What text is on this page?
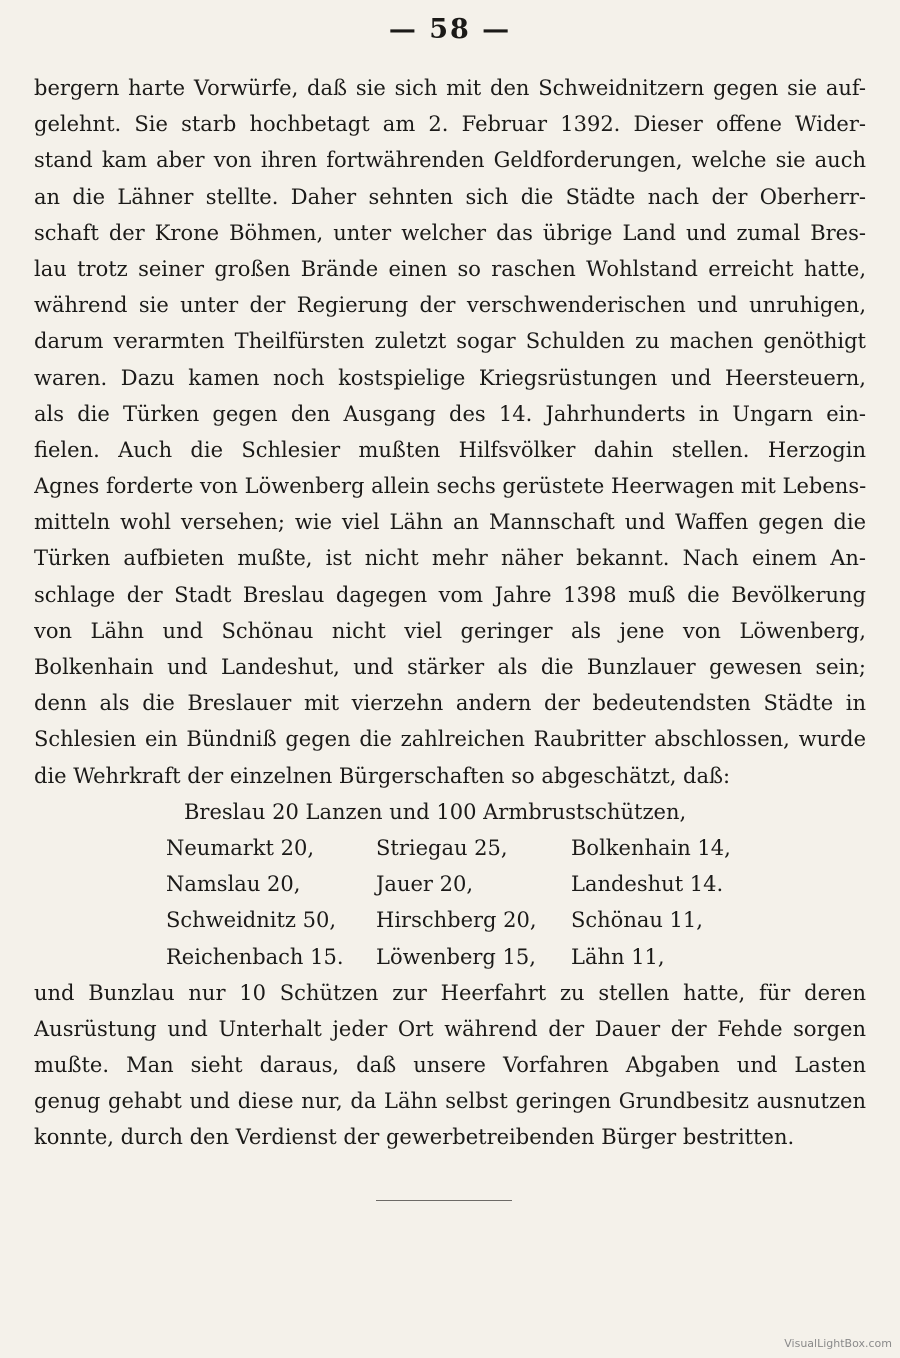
— 58 —
bergern harte Vorwürfe, daß sie sich mit den Schweidnitzern gegen sie auf-
gelehnt. Sie starb hochbetagt am 2. Februar 1392. Dieser offene Wider-
stand kam aber von ihren fortwährenden Geldforderungen, welche sie auch
an die Lähner stellte. Daher sehnten sich die Städte nach der Oberherr-
schaft der Krone Böhmen, unter welcher das übrige Land und zumal Bres-
lau trotz seiner großen Brände einen so raschen Wohlstand erreicht hatte,
während sie unter der Regierung der verschwenderischen und unruhigen,
darum verarmten Theilfürsten zuletzt sogar Schulden zu machen genöthigt
waren. Dazu kamen noch kostspielige Kriegsrüstungen und Heersteuern,
als die Türken gegen den Ausgang des 14. Jahrhunderts in Ungarn ein-
fielen. Auch die Schlesier mußten Hilfsvölker dahin stellen. Herzogin
Agnes forderte von Löwenberg allein sechs gerüstete Heerwagen mit Lebens-
mitteln wohl versehen; wie viel Lähn an Mannschaft und Waffen gegen die
Türken aufbieten mußte, ist nicht mehr näher bekannt. Nach einem An-
schlage der Stadt Breslau dagegen vom Jahre 1398 muß die Bevölkerung
von Lähn und Schönau nicht viel geringer als jene von Löwenberg,
Bolkenhain und Landeshut, und stärker als die Bunzlauer gewesen sein;
denn als die Breslauer mit vierzehn andern der bedeutendsten Städte in
Schlesien ein Bündniß gegen die zahlreichen Raubritter abschlossen, wurde
die Wehrkraft der einzelnen Bürgerschaften so abgeschätzt, daß:
Breslau 20 Lanzen und 100 Armbrustschützen,
Neumarkt 20,	Striegau 25,	Bolkenhain 14,
Namslau 20,	Jauer 20,	Landeshut 14.
Schweidnitz 50,	Hirschberg 20,	Schönau 11,
Reichenbach 15.	Löwenberg 15,	Lähn 11,
und Bunzlau nur 10 Schützen zur Heerfahrt zu stellen hatte, für deren
Ausrüstung und Unterhalt jeder Ort während der Dauer der Fehde sorgen
mußte. Man sieht daraus, daß unsere Vorfahren Abgaben und Lasten
genug gehabt und diese nur, da Lähn selbst geringen Grundbesitz ausnutzen
konnte, durch den Verdienst der gewerbetreibenden Bürger bestritten.
VisualLightBox.com
